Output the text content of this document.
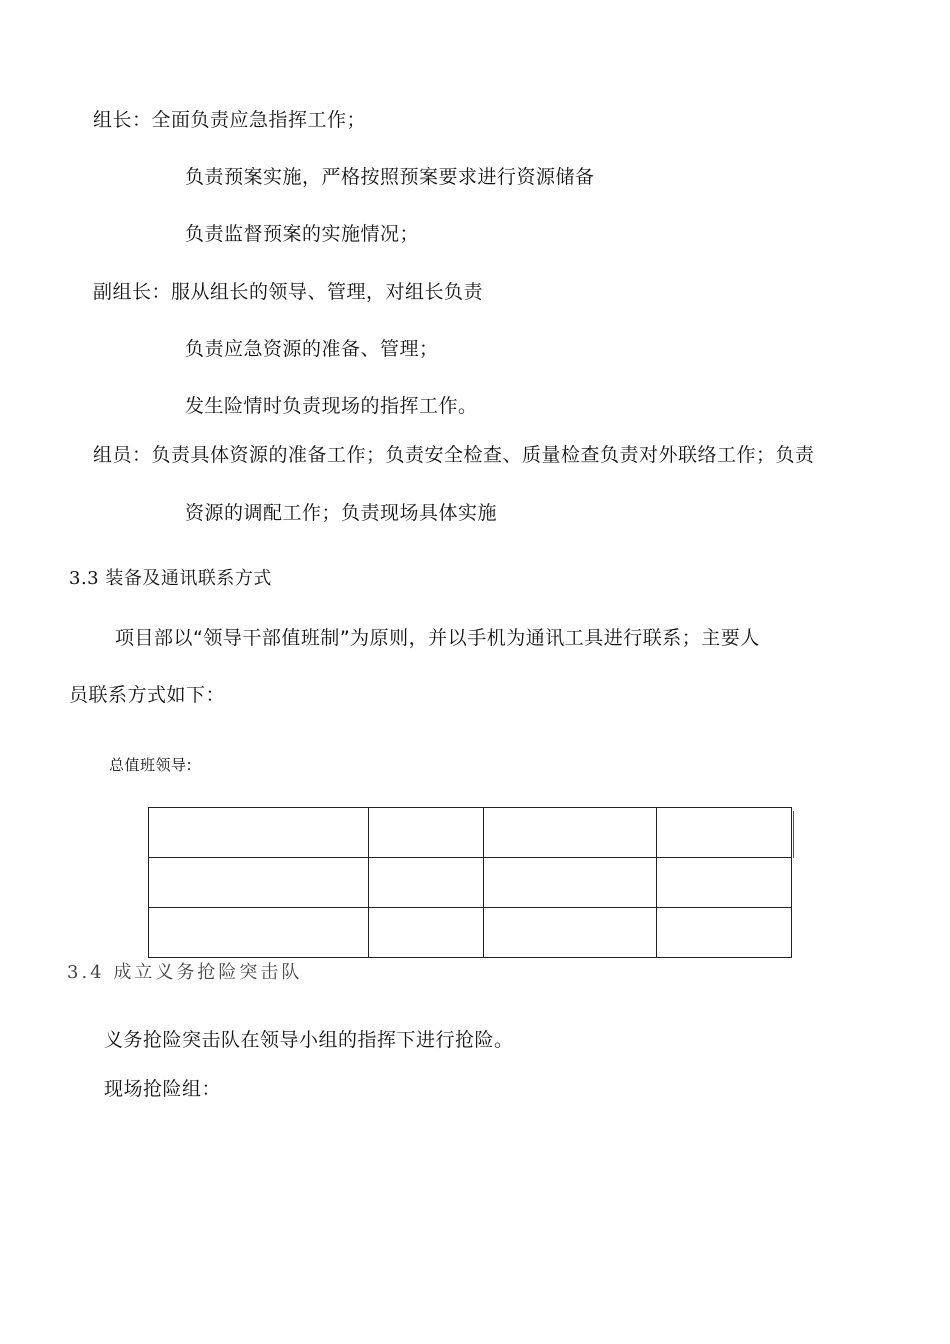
组长：全面负责应急指挥工作；
负责预案实施，严格按照预案要求进行资源储备
负责监督预案的实施情况；
副组长：服从组长的领导、管理，对组长负责
负责应急资源的准备、管理；
发生险情时负责现场的指挥工作。
组员：负责具体资源的准备工作；负责安全检查、质量检查负责对外联络工作；负责
资源的调配工作；负责现场具体实施
3.3 装备及通讯联系方式
项目部以“领导干部值班制”为原则，并以手机为通讯工具进行联系；主要人
员联系方式如下：
总值班领导:

3.4 成立义务抢险突击队
义务抢险突击队在领导小组的指挥下进行抢险。
现场抢险组：
